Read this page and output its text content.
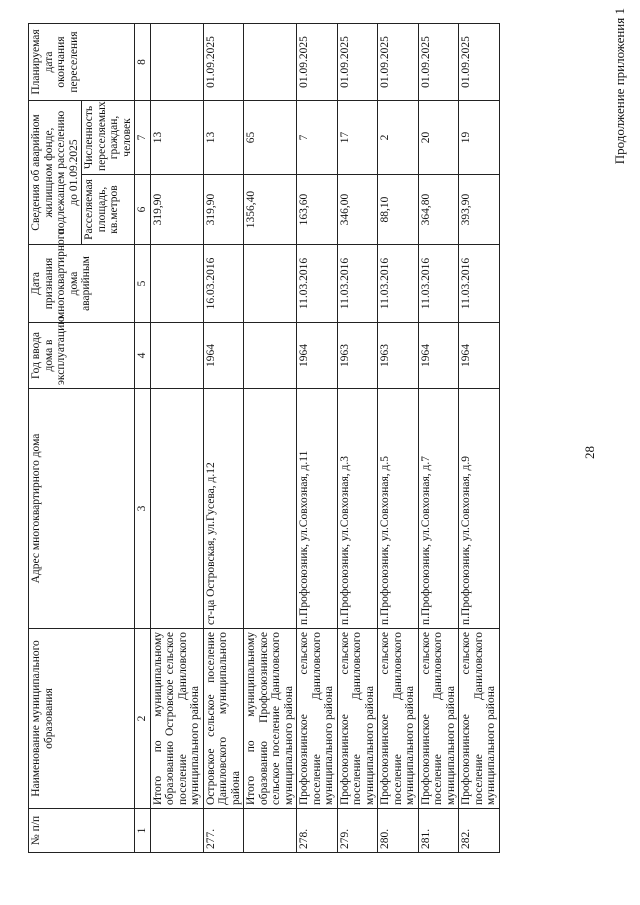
28
Продолжение приложения 1
№ п/п	Наименование муниципального образования	Адрес многоквартирного дома	Год ввода дома в эксплуатацию	Дата признания многоквартирного дома аварийным	Сведения об аварийном жилищном фонде, подлежащем расселению до 01.09.2025		Планируемая дата окончания переселения
					Расселяемая площадь, кв.метров	Численность переселяемых граждан, человек	
1	2	3	4	5	6	7	8
	Итого по муниципальному образованию Островское сельское поселение Даниловского муниципального района				319,90	13	
277.	Островское сельское поселение Даниловского муниципального района	ст-ца Островская, ул.Гусева, д.12	1964	16.03.2016	319,90	13	01.09.2025
	Итого по муниципальному образованию Профсоюзнинское сельское поселение Даниловского муниципального района				1356,40	65	
278.	Профсоюзнинское сельское поселение Даниловского муниципального района	п.Профсоюзник, ул.Совхозная, д.11	1964	11.03.2016	163,60	7	01.09.2025
279.	Профсоюзнинское сельское поселение Даниловского муниципального района	п.Профсоюзник, ул.Совхозная, д.3	1963	11.03.2016	346,00	17	01.09.2025
280.	Профсоюзнинское сельское поселение Даниловского муниципального района	п.Профсоюзник, ул.Совхозная, д.5	1963	11.03.2016	88,10	2	01.09.2025
281.	Профсоюзнинское сельское поселение Даниловского муниципального района	п.Профсоюзник, ул.Совхозная, д.7	1964	11.03.2016	364,80	20	01.09.2025
282.	Профсоюзнинское сельское поселение Даниловского муниципального района	п.Профсоюзник, ул.Совхозная, д.9	1964	11.03.2016	393,90	19	01.09.2025
